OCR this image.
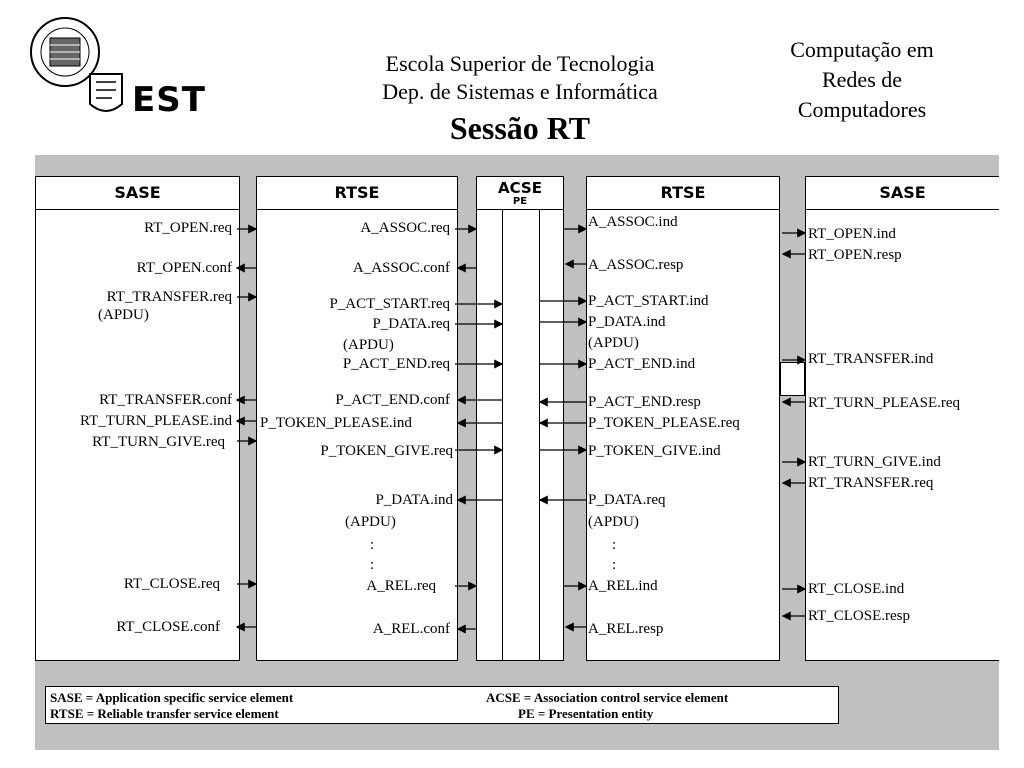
EST
Escola Superior de Tecnologia
Dep. de Sistemas e Informática
Sessão RT
Computação em
Redes de
Computadores
SASE	RTSE	ACSE
PE	RTSE	SASE
RT_OPEN.req
RT_OPEN.conf
RT_TRANSFER.req
(APDU)
RT_TRANSFER.conf
RT_TURN_PLEASE.ind
RT_TURN_GIVE.req
RT_CLOSE.req
RT_CLOSE.conf
A_ASSOC.req
A_ASSOC.conf
P_ACT_START.req
P_DATA.req
(APDU)
P_ACT_END.req
P_ACT_END.conf
P_TOKEN_PLEASE.ind
P_TOKEN_GIVE.req
P_DATA.ind
(APDU)
:
:
A_REL.req
A_REL.conf
A_ASSOC.ind
A_ASSOC.resp
P_ACT_START.ind
P_DATA.ind
(APDU)
P_ACT_END.ind
P_ACT_END.resp
P_TOKEN_PLEASE.req
P_TOKEN_GIVE.ind
P_DATA.req
(APDU)
:
:
A_REL.ind
A_REL.resp
RT_OPEN.ind
RT_OPEN.resp
RT_TRANSFER.ind
RT_TURN_PLEASE.req
RT_TURN_GIVE.ind
RT_TRANSFER.req
RT_CLOSE.ind
RT_CLOSE.resp
SASE = Application specific service element
RTSE = Reliable transfer service element
ACSE = Association control service element
PE = Presentation entity
